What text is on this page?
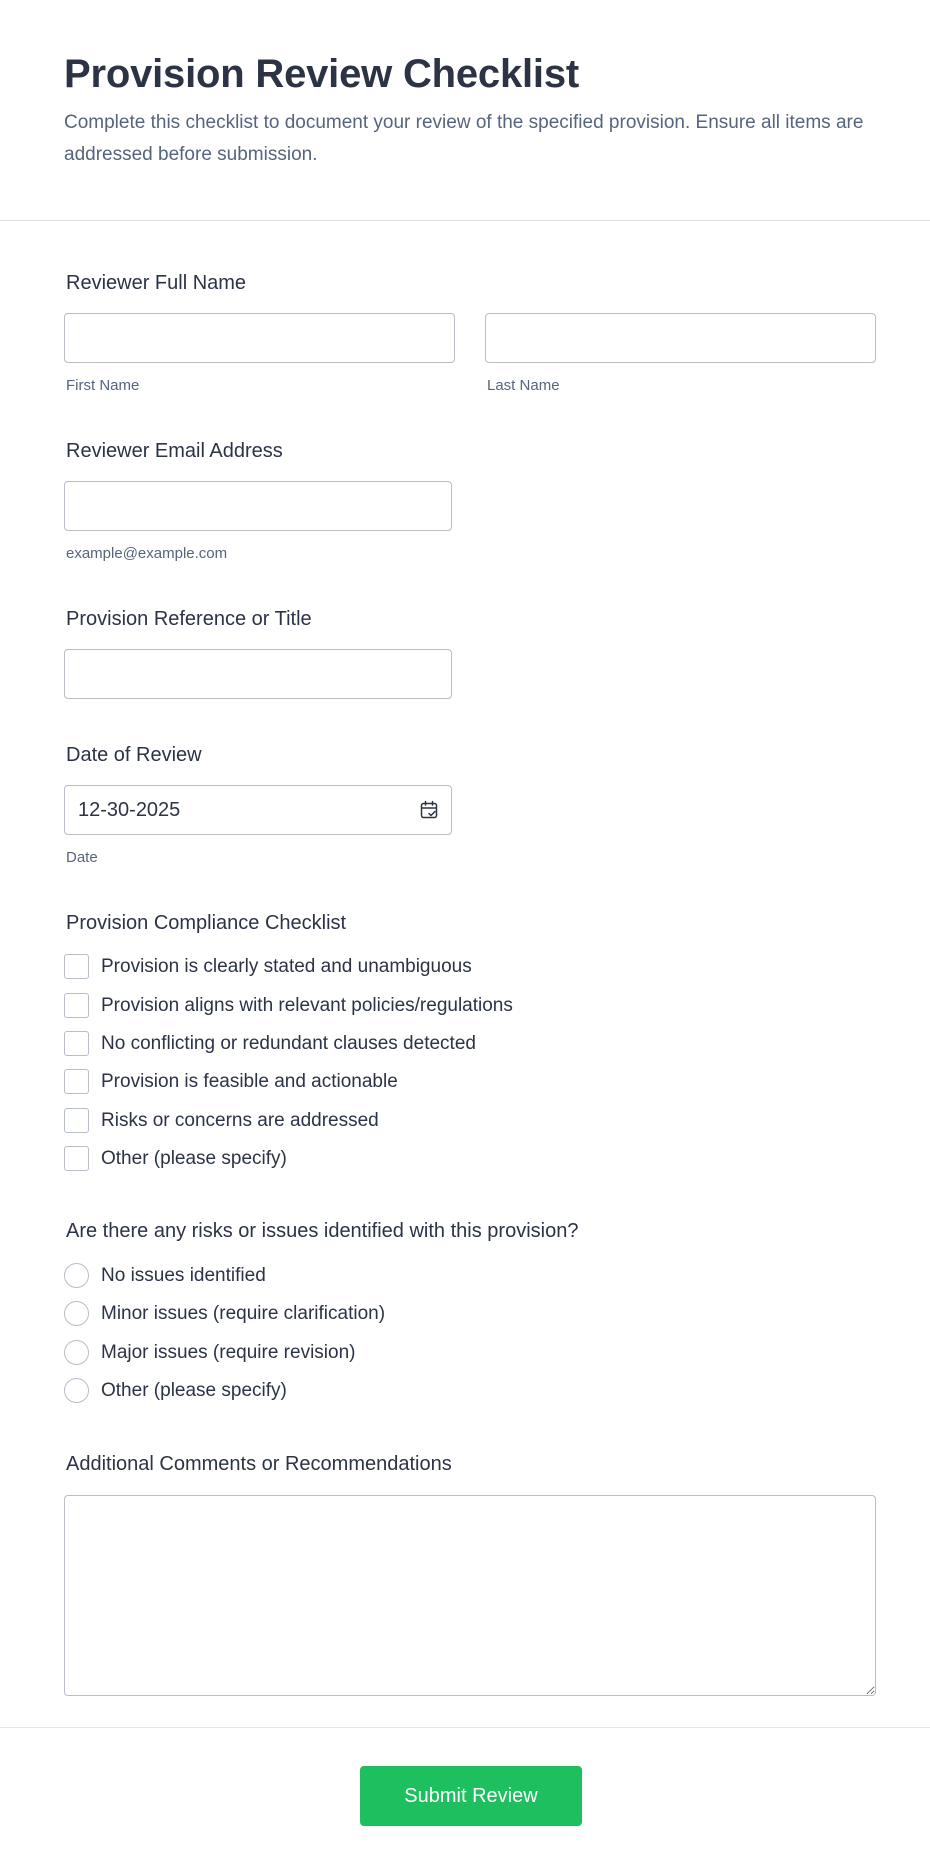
Provision Review Checklist

Complete this checklist to document your review of the specified provision. Ensure all items are addressed before submission.

Reviewer Full Name
First Name	Last Name
Reviewer Email Address
example@example.com
Provision Reference or Title
Date of Review
12-30-2025
Date
Provision Compliance Checklist
Provision is clearly stated and unambiguous
Provision aligns with relevant policies/regulations
No conflicting or redundant clauses detected
Provision is feasible and actionable
Risks or concerns are addressed
Other (please specify)
Are there any risks or issues identified with this provision?
No issues identified
Minor issues (require clarification)
Major issues (require revision)
Other (please specify)
Additional Comments or Recommendations
Submit Review
